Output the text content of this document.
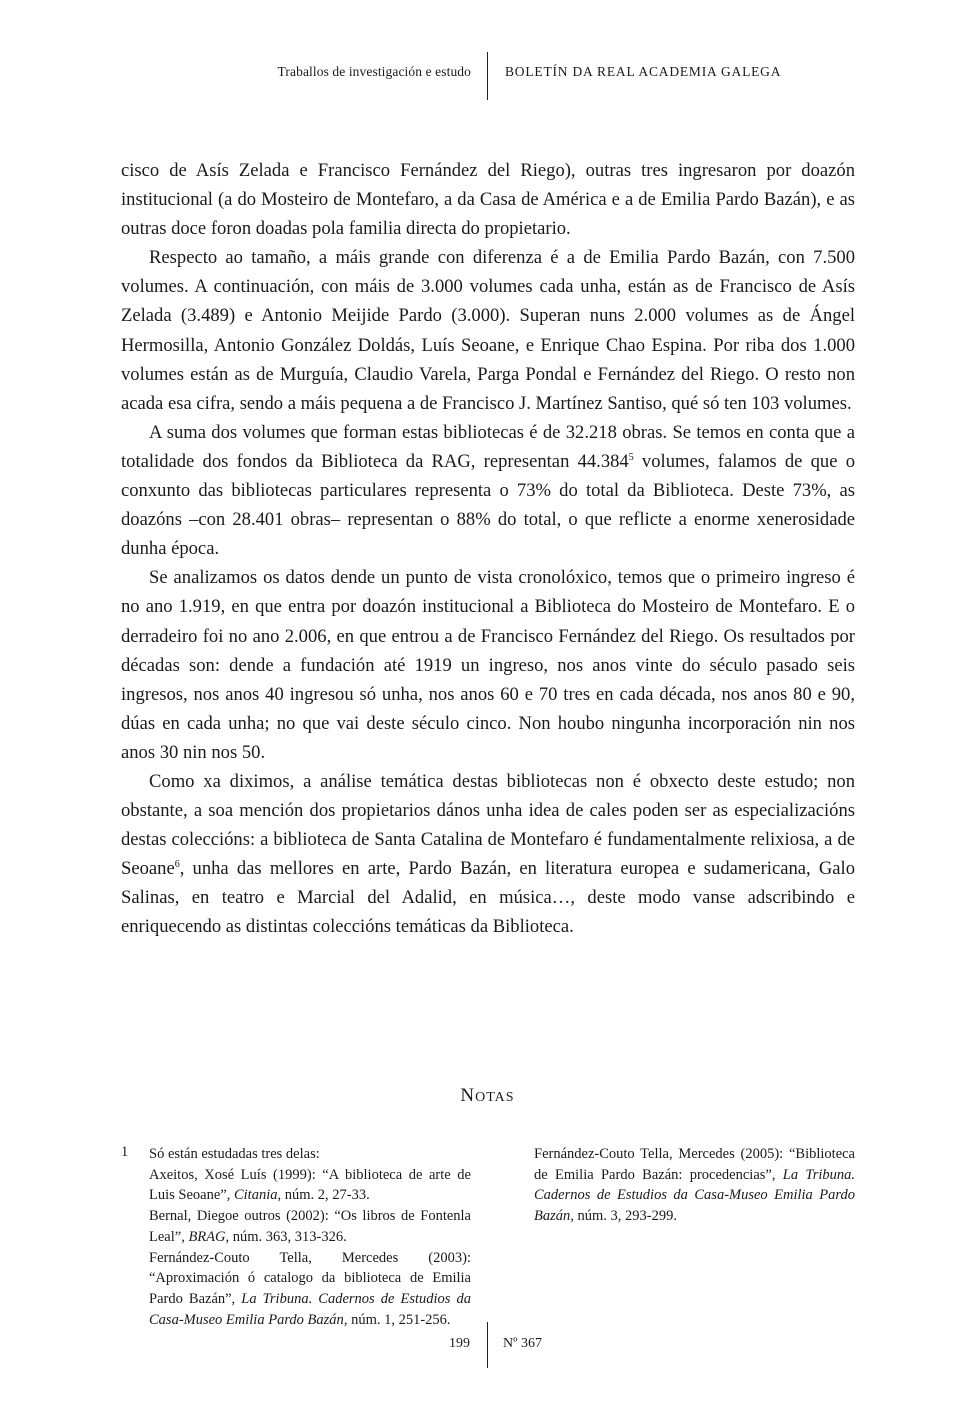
Traballos de investigación e estudo	BOLETÍN DA REAL ACADEMIA GALEGA

cisco de Asís Zelada e Francisco Fernández del Riego), outras tres ingresaron por doazón institucional (a do Mosteiro de Montefaro, a da Casa de América e a de Emilia Pardo Bazán), e as outras doce foron doadas pola familia directa do propietario.

Respecto ao tamaño, a máis grande con diferenza é a de Emilia Pardo Bazán, con 7.500 volumes. A continuación, con máis de 3.000 volumes cada unha, están as de Francisco de Asís Zelada (3.489) e Antonio Meijide Pardo (3.000). Superan nuns 2.000 volumes as de Ángel Hermosilla, Antonio González Doldás, Luís Seoane, e Enrique Chao Espina. Por riba dos 1.000 volumes están as de Murguía, Claudio Varela, Parga Pondal e Fernández del Riego. O resto non acada esa cifra, sendo a máis pequena a de Francisco J. Martínez Santiso, qué só ten 103 volumes.

A suma dos volumes que forman estas bibliotecas é de 32.218 obras. Se temos en conta que a totalidade dos fondos da Biblioteca da RAG, representan 44.384$^5$ volumes, falamos de que o conxunto das bibliotecas particulares representa o 73% do total da Biblioteca. Deste 73%, as doazóns –con 28.401 obras– representan o 88% do total, o que reflicte a enorme xenerosidade dunha época.

Se analizamos os datos dende un punto de vista cronolóxico, temos que o primeiro ingreso é no ano 1.919, en que entra por doazón institucional a Biblioteca do Mosteiro de Montefaro. E o derradeiro foi no ano 2.006, en que entrou a de Francisco Fernández del Riego. Os resultados por décadas son: dende a fundación até 1919 un ingreso, nos anos vinte do século pasado seis ingresos, nos anos 40 ingresou só unha, nos anos 60 e 70 tres en cada década, nos anos 80 e 90, dúas en cada unha; no que vai deste século cinco. Non houbo ningunha incorporación nin nos anos 30 nin nos 50.

Como xa diximos, a análise temática destas bibliotecas non é obxecto deste estudo; non obstante, a soa mención dos propietarios dános unha idea de cales poden ser as especializacións destas coleccións: a biblioteca de Santa Catalina de Montefaro é fundamentalmente relixiosa, a de Seoane$^6$, unha das mellores en arte, Pardo Bazán, en literatura europea e sudamericana, Galo Salinas, en teatro e Marcial del Adalid, en música…, deste modo vanse adscribindo e enriquecendo as distintas coleccións temáticas da Biblioteca.

NOTAS
1 Só están estudadas tres delas:

Axeitos, Xosé Luís (1999): “A biblioteca de arte de Luis Seoane”, Citania, núm. 2, 27-33.

Bernal, Diegoe outros (2002): “Os libros de Fontenla Leal”, BRAG, núm. 363, 313-326.

Fernández-Couto Tella, Mercedes (2003): “Aproximación ó catalogo da biblioteca de Emilia Pardo Bazán”, La Tribuna. Cadernos de Estudios da Casa-Museo Emilia Pardo Bazán, núm. 1, 251-256.

Fernández-Couto Tella, Mercedes (2005): “Biblioteca de Emilia Pardo Bazán: procedencias”, La Tribuna. Cadernos de Estudios da Casa-Museo Emilia Pardo Bazán, núm. 3, 293-299.

199 Nº 367
